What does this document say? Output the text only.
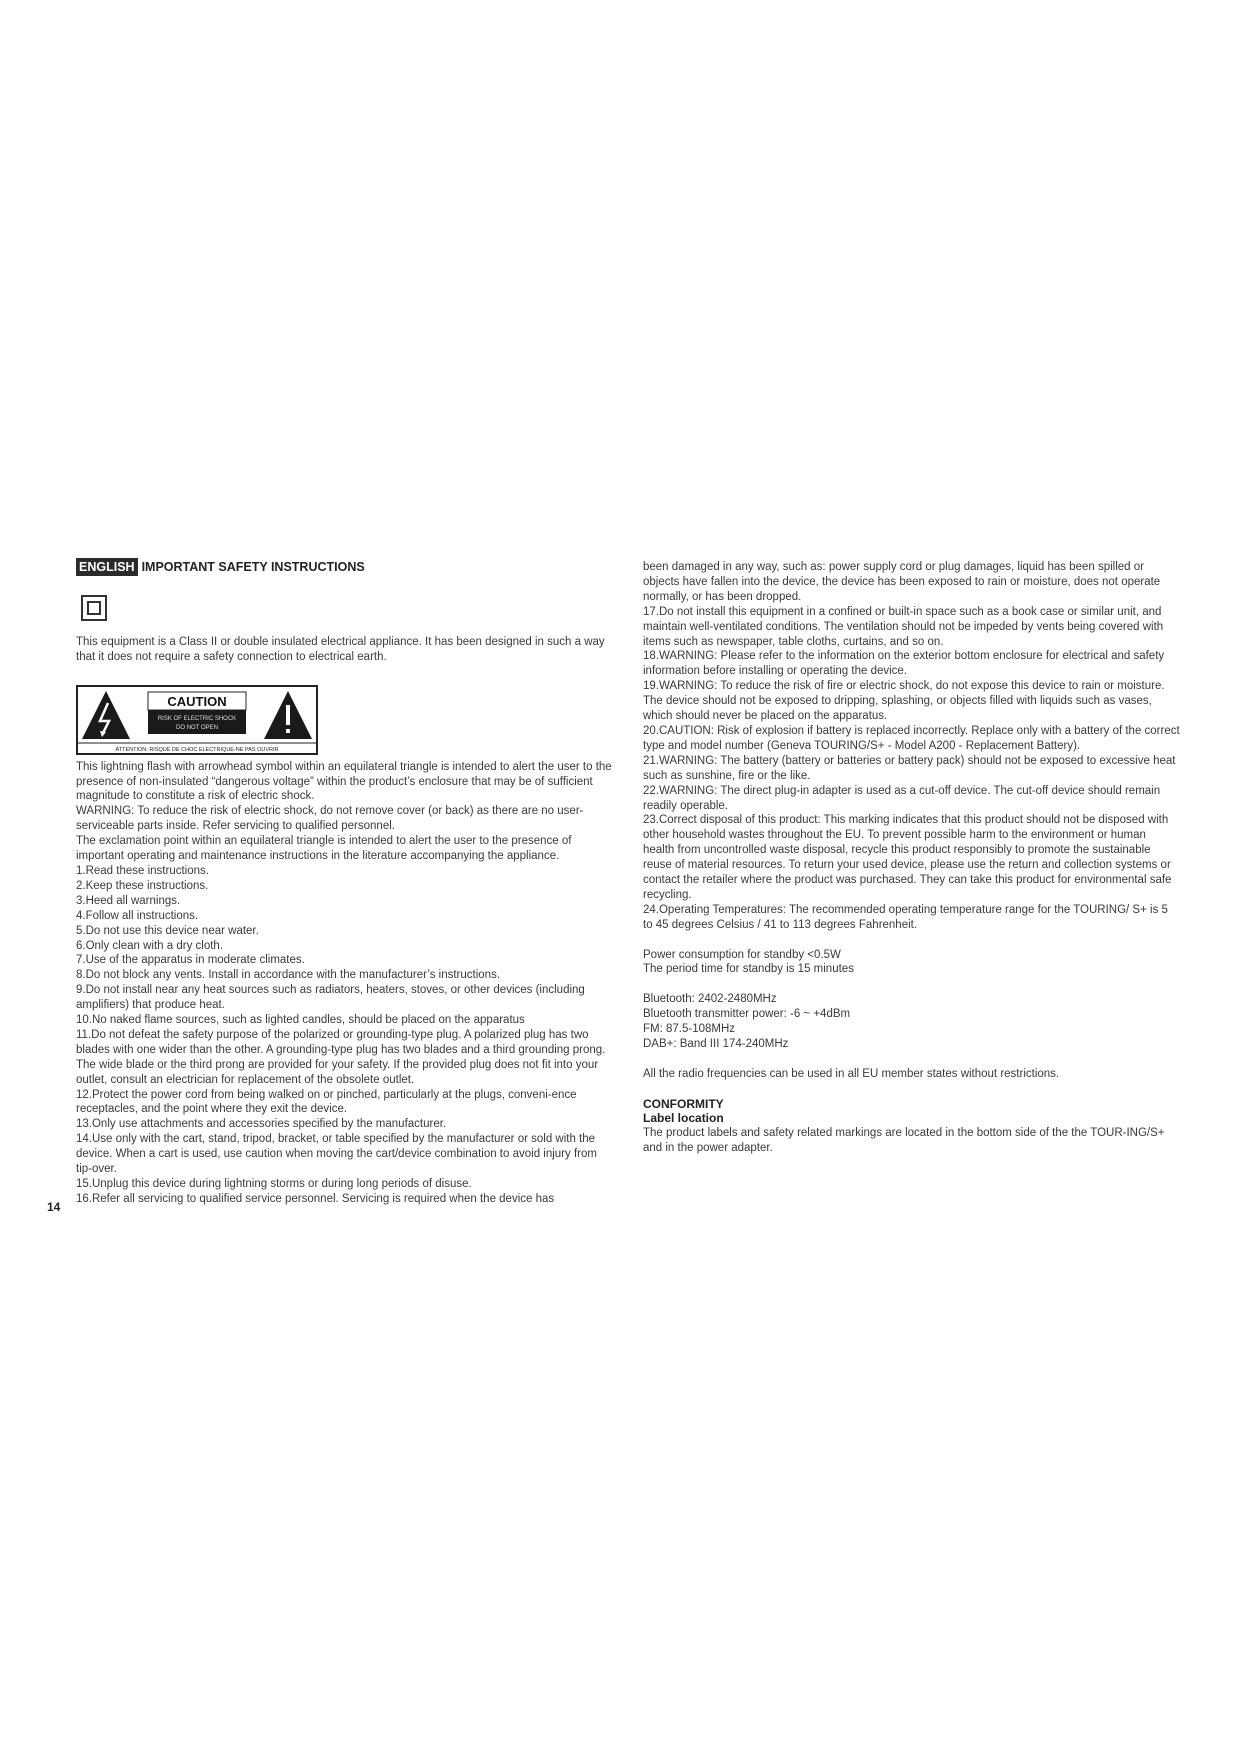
ENGLISH IMPORTANT SAFETY INSTRUCTIONS

This equipment is a Class II or double insulated electrical appliance. It has been designed in such a way that it does not require a safety connection to electrical earth.

CAUTION
RISK OF ELECTRIC SHOCK
DO NOT OPEN
ATTENTION: RISQUE DE CHOC ELECTRIQUE-NE PAS OUVRIR

This lightning flash with arrowhead symbol within an equilateral triangle is intended to alert the user to the presence of non-insulated “dangerous voltage” within the product’s enclosure that may be of sufficient magnitude to constitute a risk of electric shock.

WARNING: To reduce the risk of electric shock, do not remove cover (or back) as there are no user-serviceable parts inside. Refer servicing to qualified personnel.

The exclamation point within an equilateral triangle is intended to alert the user to the presence of important operating and maintenance instructions in the literature accompanying the appliance.

1.Read these instructions.

2.Keep these instructions.

3.Heed all warnings.

4.Follow all instructions.

5.Do not use this device near water.

6.Only clean with a dry cloth.

7.Use of the apparatus in moderate climates.

8.Do not block any vents. Install in accordance with the manufacturer’s instructions.

9.Do not install near any heat sources such as radiators, heaters, stoves, or other devices (including amplifiers) that produce heat.

10.No naked flame sources, such as lighted candles, should be placed on the apparatus

11.Do not defeat the safety purpose of the polarized or grounding-type plug. A polarized plug has two blades with one wider than the other. A grounding-type plug has two blades and a third grounding prong. The wide blade or the third prong are provided for your safety. If the provided plug does not fit into your outlet, consult an electrician for replacement of the obsolete outlet.

12.Protect the power cord from being walked on or pinched, particularly at the plugs, conveni-ence receptacles, and the point where they exit the device.

13.Only use attachments and accessories specified by the manufacturer.

14.Use only with the cart, stand, tripod, bracket, or table specified by the manufacturer or sold with the device. When a cart is used, use caution when moving the cart/device combination to avoid injury from tip-over.

15.Unplug this device during lightning storms or during long periods of disuse.

16.Refer all servicing to qualified service personnel. Servicing is required when the device has

been damaged in any way, such as: power supply cord or plug damages, liquid has been spilled or objects have fallen into the device, the device has been exposed to rain or moisture, does not operate normally, or has been dropped.

17.Do not install this equipment in a confined or built-in space such as a book case or similar unit, and maintain well-ventilated conditions. The ventilation should not be impeded by vents being covered with items such as newspaper, table cloths, curtains, and so on.

18.WARNING: Please refer to the information on the exterior bottom enclosure for electrical and safety information before installing or operating the device.

19.WARNING: To reduce the risk of fire or electric shock, do not expose this device to rain or moisture. The device should not be exposed to dripping, splashing, or objects filled with liquids such as vases, which should never be placed on the apparatus.

20.CAUTION: Risk of explosion if battery is replaced incorrectly. Replace only with a battery of the correct type and model number (Geneva TOURING/S+ - Model A200 - Replacement Battery).

21.WARNING: The battery (battery or batteries or battery pack) should not be exposed to excessive heat such as sunshine, fire or the like.

22.WARNING: The direct plug-in adapter is used as a cut-off device. The cut-off device should remain readily operable.

23.Correct disposal of this product: This marking indicates that this product should not be disposed with other household wastes throughout the EU. To prevent possible harm to the environment or human health from uncontrolled waste disposal, recycle this product responsibly to promote the sustainable reuse of material resources. To return your used device, please use the return and collection systems or contact the retailer where the product was purchased. They can take this product for environmental safe recycling.

24.Operating Temperatures: The recommended operating temperature range for the TOURING/ S+ is 5 to 45 degrees Celsius / 41 to 113 degrees Fahrenheit.

Power consumption for standby <0.5W

The period time for standby is 15 minutes

Bluetooth: 2402-2480MHz

Bluetooth transmitter power: -6 ~ +4dBm

FM: 87.5-108MHz

DAB+: Band III 174-240MHz

All the radio frequencies can be used in all EU member states without restrictions.

CONFORMITY

Label location

The product labels and safety related markings are located in the bottom side of the the TOUR-ING/S+ and in the power adapter.

14
